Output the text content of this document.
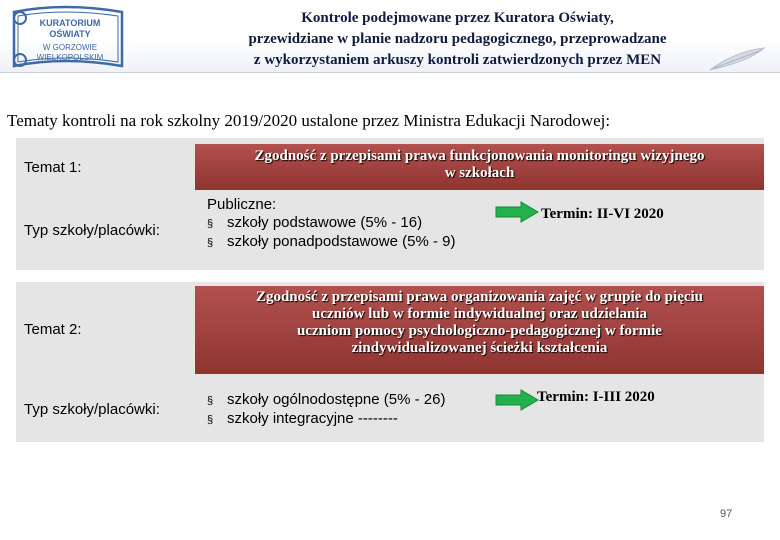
KURATORIUM
OŚWIATY
W GORZOWIE
WIELKOPOLSKIM
Kontrole podejmowane przez Kuratora Oświaty,
przewidziane w planie nadzoru pedagogicznego, przeprowadzane
z wykorzystaniem arkuszy kontroli zatwierdzonych przez MEN
Tematy kontroli na rok szkolny 2019/2020 ustalone przez Ministra Edukacji Narodowej:
Zgodność z przepisami prawa funkcjonowania monitoringu wizyjnego
w szkołach
Temat 1:
Typ szkoły/placówki:
Publiczne:
§ szkoły podstawowe (5% - 16)
§ szkoły ponadpodstawowe (5% - 9)
Termin: II-VI 2020
Zgodność z przepisami prawa organizowania zajęć w grupie do pięciu
uczniów lub w formie indywidualnej oraz udzielania
uczniom pomocy psychologiczno-pedagogicznej w formie
zindywidualizowanej ścieżki kształcenia
Temat 2:
Typ szkoły/placówki:	§ szkoły ogólnodostępne (5% - 26)
§ szkoły integracyjne --------
Termin: I-III 2020
97
